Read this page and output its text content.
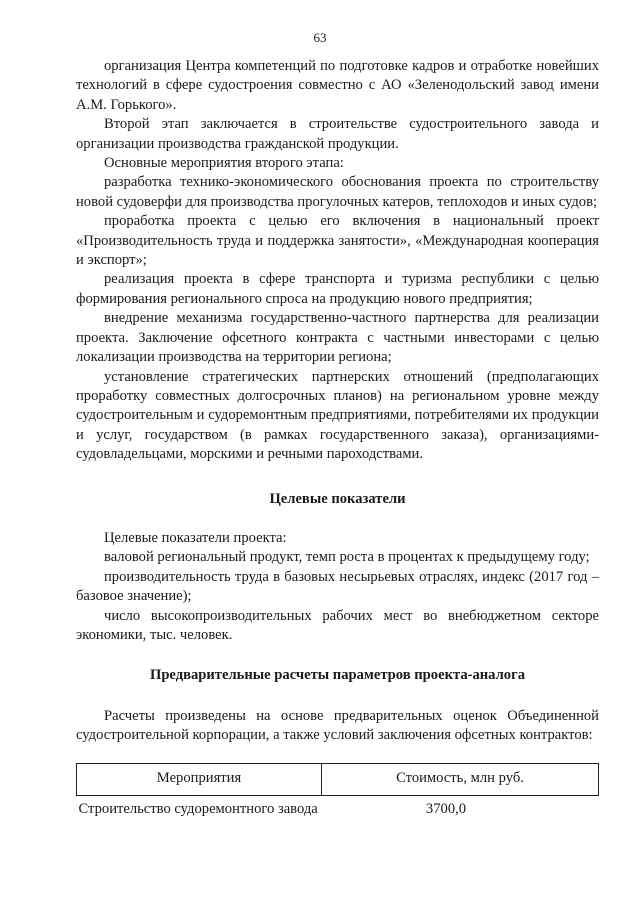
63

организация Центра компетенций по подготовке кадров и отработке новейших технологий в сфере судостроения совместно с АО «Зеленодольский завод имени А.М. Горького».

Второй этап заключается в строительстве судостроительного завода и организации производства гражданской продукции.

Основные мероприятия второго этапа:

разработка технико-экономического обоснования проекта по строительству новой судоверфи для производства прогулочных катеров, теплоходов и иных судов;

проработка проекта с целью его включения в национальный проект «Производительность труда и поддержка занятости», «Международная кооперация и экспорт»;

реализация проекта в сфере транспорта и туризма республики с целью формирования регионального спроса на продукцию нового предприятия;

внедрение механизма государственно-частного партнерства для реализации проекта. Заключение офсетного контракта с частными инвесторами с целью локализации производства на территории региона;

установление стратегических партнерских отношений (предполагающих проработку совместных долгосрочных планов) на региональном уровне между судостроительным и судоремонтным предприятиями, потребителями их продукции и услуг, государством (в рамках государственного заказа), организациями-судовладельцами, морскими и речными пароходствами.

Целевые показатели

Целевые показатели проекта:

валовой региональный продукт, темп роста в процентах к предыдущему году;

производительность труда в базовых несырьевых отраслях, индекс (2017 год – базовое значение);

число высокопроизводительных рабочих мест во внебюджетном секторе экономики, тыс. человек.

Предварительные расчеты параметров проекта-аналога

Расчеты произведены на основе предварительных оценок Объединенной судостроительной корпорации, а также условий заключения офсетных контрактов:

Мероприятия	Стоимость, млн руб.
Строительство судоремонтного завода	3700,0
